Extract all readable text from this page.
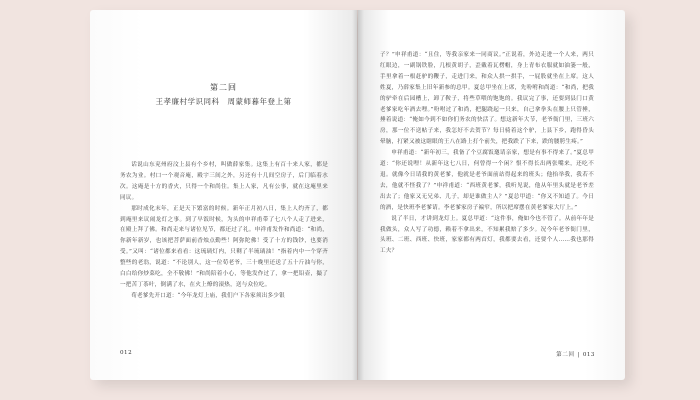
第二回
王孝廉村学识同科　周蒙师暮年登上第

话说山东兖州府汶上县有个乡村，叫做薛家集。这集上有百十来人家，都是务农为业。村口一个观音庵，殿宇三间之外，另还有十几间空房子，后门临着水次。这庵是十方的香火，只得一个和尚住。集上人家，凡有公事，就在这庵里来同议。

那时成化末年，正是天下繁富的时候。新年正月初八日，集上人约齐了，都到庵里来议闹龙灯之事。到了早饭时候，为头的申祥甫带了七八个人走了进来，在殿上拜了佛。和尚走来与诸位见节，都还过了礼。申祥甫发作和尚道：“和尚，你新年新岁，也该把菩萨面前香烛点勤些！阿弥陀佛！受了十方的钱钞，也要消受。”又叫：“诸位都来看看：这琉璃灯内，只剩了半琉璃油！”指着内中一个穿齐整些的老翁，说道：“不论别人，这一位荀老爷，三十晚里还送了五十斤油与你，白白给你炒菜吃，全不敬佛！”和尚陪着小心，等他发作过了，拿一把铅壶，撮了一把苦丁茶叶，倒满了水，在火上燎的滚热，送与众位吃。

荀老爹先开口道：“今年龙灯上庙，我们户下各家须出多少银

012

子？”申祥甫道：“且住，等我亲家来一同商议。”正说着，外边走进一个人来，两只红眼边，一副锅铁脸，几根黄胡子，歪戴着瓦楞帽，身上青布衣服就如油篓一般，手里拿着一根赶驴的鞭子，走进门来，和众人拱一拱手，一屁股就坐在上席。这人姓夏，乃薛家集上旧年新参的总甲。夏总甲坐在上席，先吩咐和尚道：“和尚，把我的驴牵在后园槽上，卸了鞍子，将些草喂的饱饱的。我议完了事，还要到县门口黄老爹家吃年酒去哩。”吩咐过了和尚，把腿跷起一只来，自己拿拳头在腰上只管捶，捶着说道：“俺如今到不如你们务农的快活了。想这新年大节，老爷衙门里，三班六房，那一位不送帖子来，我怎好不去贺节？每日骑着这个驴，上县下乡，跑得昏头晕脑，打紧又被这瞎眼的王八在路上打个前失，把我跌了下来，跌的腰胯生疼。”

申祥甫道：“新年初三，我备了个豆腐饭邀请亲家，想是有事不得来了。”夏总甲道：“你还说哩！从新年这七八日，何曾得一个闲？恨不得长出两张嘴来，还吃不退。就像今日请我的黄老爹，他就是老爷面前站得起来的班头；他抬举我，我若不去，他就不怪我了？”申祥甫道：“西班黄老爹，我听见说，他从年里头就是老爷差出去了；他家又无兄弟、儿子，却是谁做主人？”夏总甲道：“你又不知道了。今日的酒，是快班李老爹请。李老爹家房子褊窄，所以把席摆在黄老爹家大厅上。”

说了半日，才讲到龙灯上。夏总甲道：“这件事，俺如今也不管了。从前年年是我做头，众人写了功德，赖着不拿出来，不知累我赔了多少。况今年老爷衙门里，头班、二班、西班、快班，家家都有两首灯，我都要去看，还要个人……我也那得工夫？

第二回 | 013
